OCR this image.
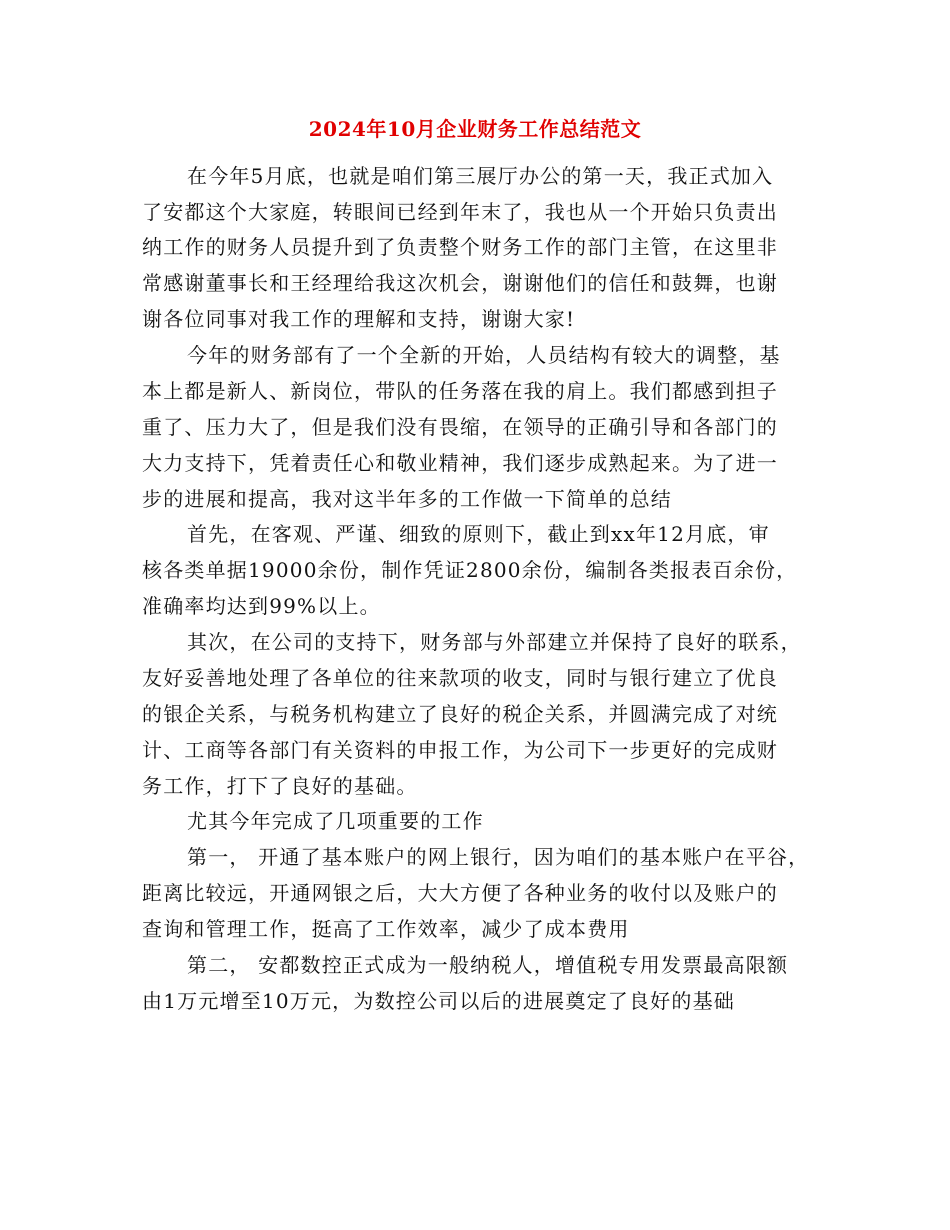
2024年10月企业财务工作总结范文
在今年5月底，也就是咱们第三展厅办公的第一天，我正式加入
了安都这个大家庭，转眼间已经到年末了，我也从一个开始只负责出
纳工作的财务人员提升到了负责整个财务工作的部门主管，在这里非
常感谢董事长和王经理给我这次机会，谢谢他们的信任和鼓舞，也谢
谢各位同事对我工作的理解和支持，谢谢大家!
今年的财务部有了一个全新的开始，人员结构有较大的调整，基
本上都是新人、新岗位，带队的任务落在我的肩上。我们都感到担子
重了、压力大了，但是我们没有畏缩，在领导的正确引导和各部门的
大力支持下，凭着责任心和敬业精神，我们逐步成熟起来。为了进一
步的进展和提高，我对这半年多的工作做一下简单的总结
首先，在客观、严谨、细致的原则下，截止到xx年12月底，审
核各类单据19000余份，制作凭证2800余份，编制各类报表百余份，
准确率均达到99%以上。
其次，在公司的支持下，财务部与外部建立并保持了良好的联系，
友好妥善地处理了各单位的往来款项的收支，同时与银行建立了优良
的银企关系，与税务机构建立了良好的税企关系，并圆满完成了对统
计、工商等各部门有关资料的申报工作，为公司下一步更好的完成财
务工作，打下了良好的基础。
尤其今年完成了几项重要的工作
第一， 开通了基本账户的网上银行，因为咱们的基本账户在平谷，
距离比较远，开通网银之后，大大方便了各种业务的收付以及账户的
查询和管理工作，挺高了工作效率，减少了成本费用
第二， 安都数控正式成为一般纳税人，增值税专用发票最高限额
由1万元增至10万元，为数控公司以后的进展奠定了良好的基础
